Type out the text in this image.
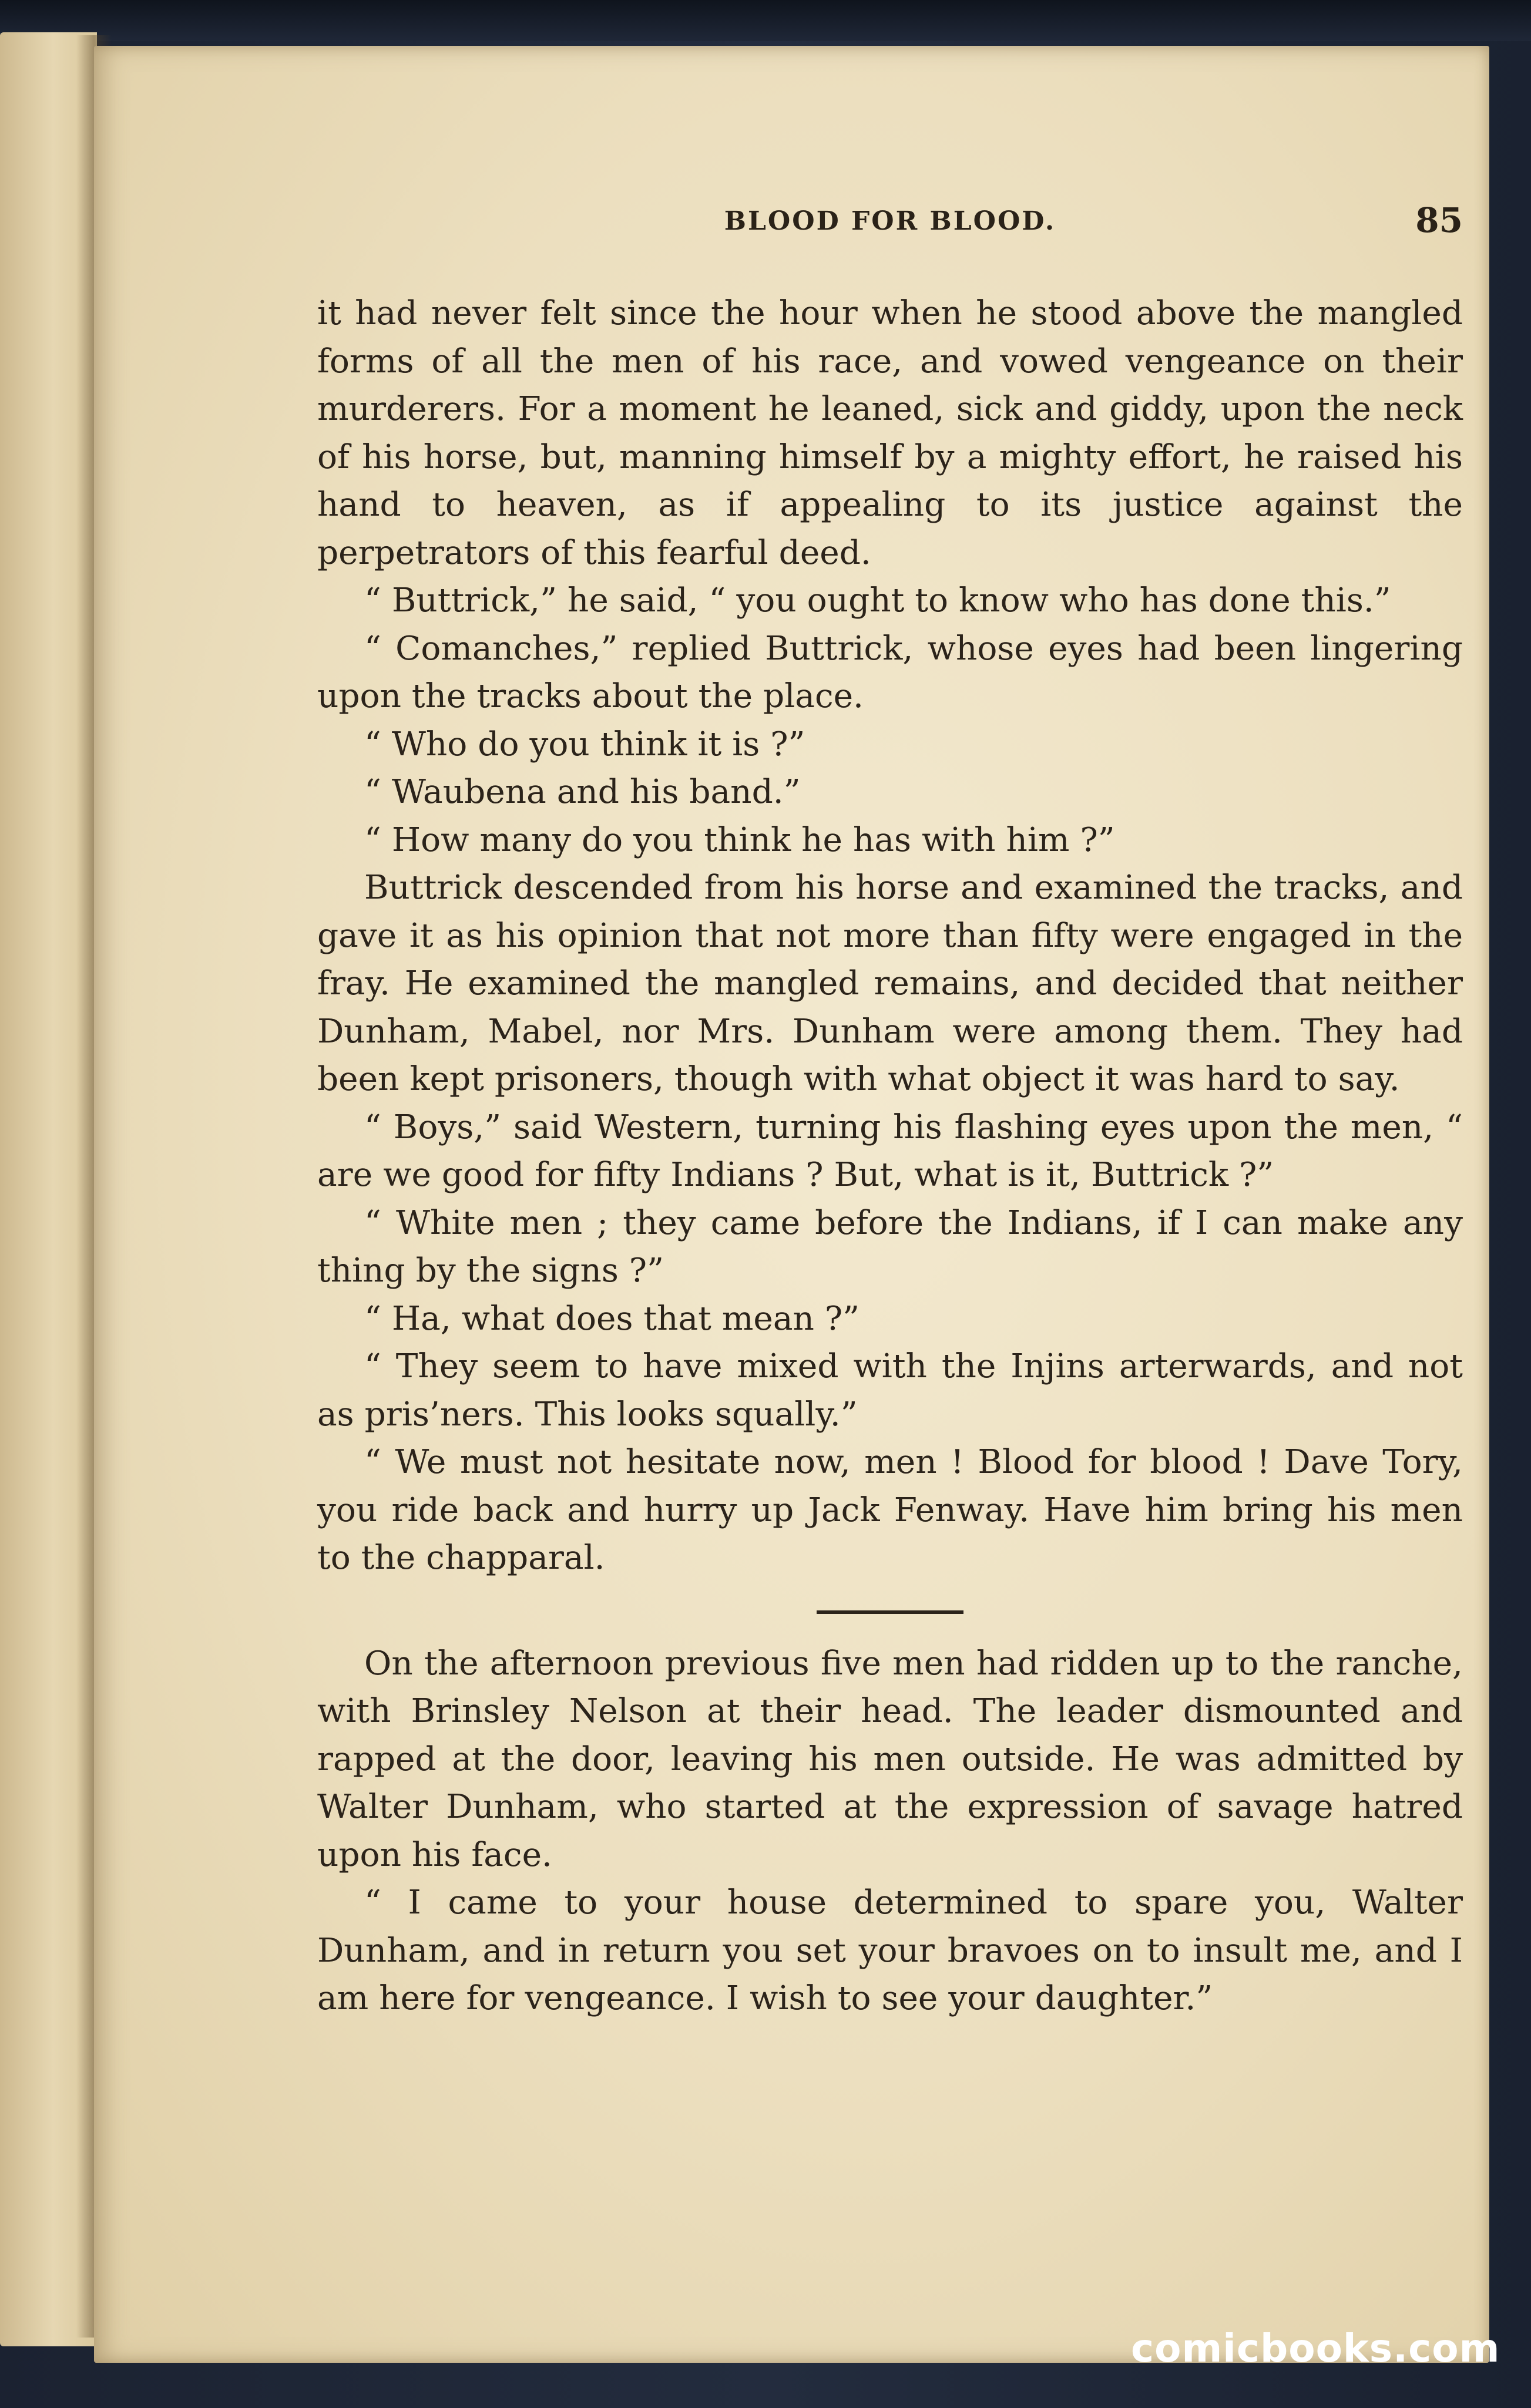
BLOOD FOR BLOOD.	85

it had never felt since the hour when he stood above the mangled forms of all the men of his race, and vowed vengeance on their murderers. For a moment he leaned, sick and giddy, upon the neck of his horse, but, manning himself by a mighty effort, he raised his hand to heaven, as if appealing to its justice against the perpetrators of this fearful deed.

“ Buttrick,” he said, “ you ought to know who has done this.”

“ Comanches,” replied Buttrick, whose eyes had been lingering upon the tracks about the place.

“ Who do you think it is ?”

“ Waubena and his band.”

“ How many do you think he has with him ?”

Buttrick descended from his horse and examined the tracks, and gave it as his opinion that not more than fifty were engaged in the fray. He examined the mangled remains, and decided that neither Dunham, Mabel, nor Mrs. Dunham were among them. They had been kept prisoners, though with what object it was hard to say.

“ Boys,” said Western, turning his flashing eyes upon the men, “ are we good for fifty Indians ? But, what is it, Buttrick ?”

“ White men ; they came before the Indians, if I can make any thing by the signs ?”

“ Ha, what does that mean ?”

“ They seem to have mixed with the Injins arterwards, and not as pris’ners. This looks squally.”

“ We must not hesitate now, men ! Blood for blood ! Dave Tory, you ride back and hurry up Jack Fenway. Have him bring his men to the chapparal.

On the afternoon previous five men had ridden up to the ranche, with Brinsley Nelson at their head. The leader dismounted and rapped at the door, leaving his men outside. He was admitted by Walter Dunham, who started at the expression of savage hatred upon his face.

“ I came to your house determined to spare you, Walter Dunham, and in return you set your bravoes on to insult me, and I am here for vengeance. I wish to see your daughter.”

comicbooks.com
